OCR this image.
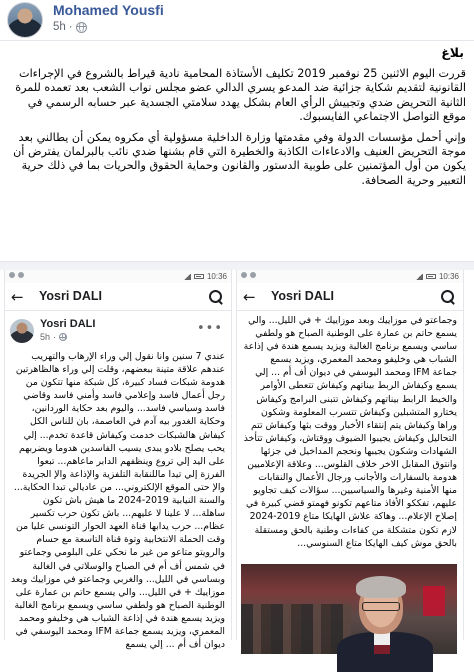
Mohamed Yousfi
5h ·
بلاغ

قررت اليوم الاثنين 25 نوفمبر 2019 تكليف الأستاذة المحامية نادية قيراط بالشروع في الإجراءات القانونية لتقديم شكاية جزائية ضد المدعو يسري الدالي عضو مجلس نواب الشعب بعد تعمده للمرة الثانية التحريض ضدي وتجييش الرأي العام بشكل يهدد سلامتي الجسدية عبر حسابه الرسمي في موقع التواصل الاجتماعي الفايسبوك.

وإني أحمل مؤسسات الدولة وفي مقدمتها وزارة الداخلية مسؤولية أي مكروه يمكن أن يطالني بعد موجة التحريض العنيف والادعاءات الكاذبة والخطيرة التي قام بشنها ضدي نائب بالبرلمان يفترض أن يكون من أول المؤتمنين على طوبية الدستور والقانون وحماية الحقوق والحريات بما في ذلك حرية التعبير وحرية الصحافة.

10:36
← Yosri DALI
Yosri DALI
5h ·
•••
عندي 7 سنين وانا نقول إلي وراء الإرهاب والتهريب عندهم علاقة متينة ببعضهم، وقلت إلي وراء هالظاهرتين هدومة شبكات فساد كبيرة، كل شبكة منها تتكون من رجل أعمال فاسد وإعلامي فاسد وأمني فاسد وقاضي فاسد وسياسي فاسد... واليوم بعد حكاية الوردانين، وحكاية الغدور بيه آدم في العاصمة، بان للناس الكل كيفاش هالشبكات خدمت وكيفاش قاعدة تخدم... إلي يحب يصلح بلادو يبدى يسيب الفاسدين هدوما ويضربهم على اليد إلي تروع وينظفهم الدابر ماعاهم... تبعوا الفرزة إلي تيدا ماللنقابة التلفزية والإذاعة والإ الجريدة والإ حتى الموقع الإلكتروني... من عاديالي تبدا الحكاية... والسنة النيابية 2019-2024 ما هيش باش تكون ساهلة... لا علينا لا عليهم... باش تكون حرب تكسير عظام... حرب يدابها قناة العهد الحوار التونسي عليا من وقت الحملة الانتخابية وتوة قناة التاسعة مع حسام والرويتو متاعو من غير ما نحكي على البلومي وجماعتو في شمس أف أم في الصباح والوسلاتي في الغالبة وبساسي في الليل... والغربي وجماعتو في موزاييك وبعد موزاييك + في الليل... والي يسمع حاتم بن عمارة على الوطنية الصباح هو ولطفي ساسي ويسمع برنامج الغالبة ويزيد يسمع هندة في إذاعة الشباب هي وخليفو ومحمد المعمري، ويزيد يسمع جماعة IFM ومحمد اليوسفي في ديوان أف أم ... إلي يسمع
10:36
← Yosri DALI
وجماعتو في موزاييك وبعد موزاييك + في الليل... والي يسمع حاتم بن عمارة على الوطنية الصباح هو ولطفي ساسي ويسمع برنامج الغالبة ويزيد يسمع هندة في إذاعة الشباب هي وخليفو ومحمد المعمري، ويزيد يسمع جماعة IFM ومحمد اليوسفي في ديوان أف أم ... إلي يسمع وكيفاش الربط بيناتهم وكيفاش تتعطى الأوامر والخيط الرابط بيناتهم وكيفاش تتبنى البرامج وكيفاش يختارو المتشبلين وكيفاش تتسرب المعلومة وشكون وراها وكيفاش يتم إنتقاء الأخبار ووقت بثها وكيفاش تتم التحاليل وكيفاش يجيبوا الضيوف ووقتاش، وكيفاش تتأخذ الشهادات وشكون يجيبها ونحجم المداخيل في جزئها وانتوق المقابل الاخر خلاف القلوس... وعلاقة الإعلاميين هدومة بالسفارات والأجانب ورجال الأعمال والنقابات منها الأمنية وغيرها والسياسيين... سؤالات كيف تجاويو عليهم، تفككو الأفاذ متاعهم تكونو فهمتو قضي كبيرة في إصلاح الإعلام... وهاكة علاش الهايكا متاع 2019-2024 لازم تكون متشكلة من كفاءات وطنية بالحق ومستقلة بالحق موش كيف الهايكا متاع السنوسي...
